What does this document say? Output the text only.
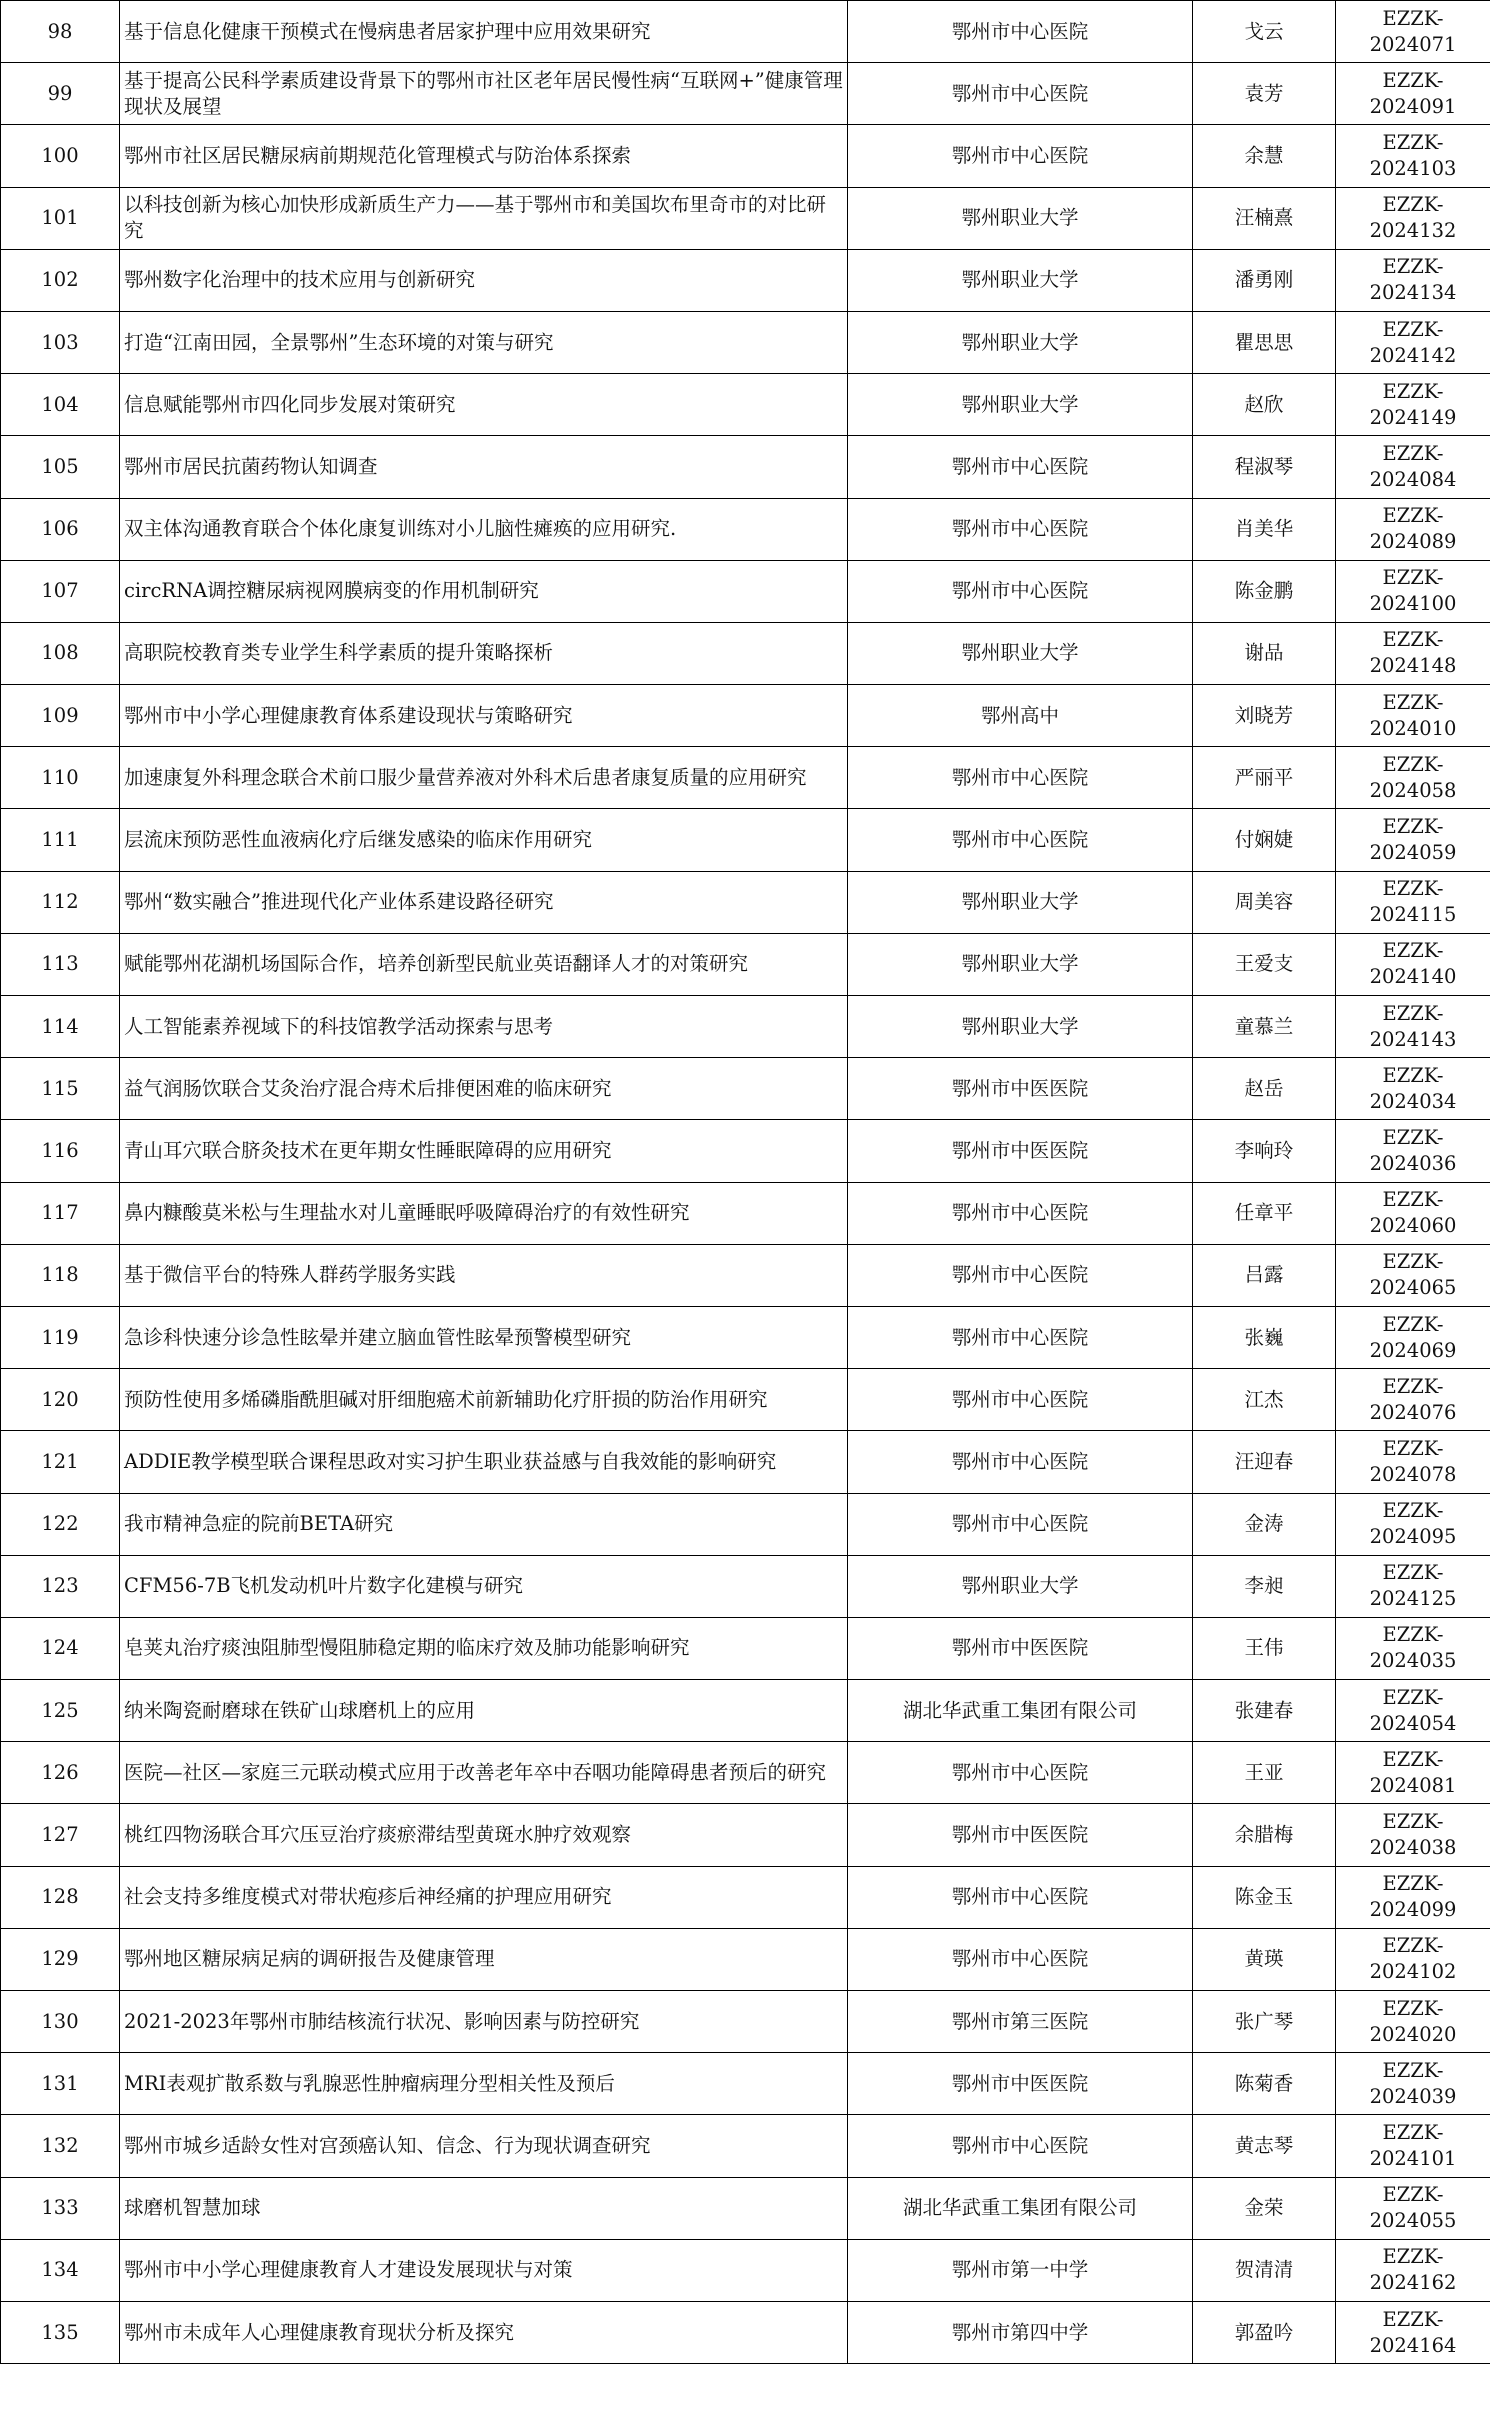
98	基于信息化健康干预模式在慢病患者居家护理中应用效果研究	鄂州市中心医院	戈云	EZZK-2024071
99	基于提高公民科学素质建设背景下的鄂州市社区老年居民慢性病“互联网+”健康管理现状及展望	鄂州市中心医院	袁芳	EZZK-2024091
100	鄂州市社区居民糖尿病前期规范化管理模式与防治体系探索	鄂州市中心医院	余慧	EZZK-2024103
101	以科技创新为核心加快形成新质生产力——基于鄂州市和美国坎布里奇市的对比研究	鄂州职业大学	汪楠熹	EZZK-2024132
102	鄂州数字化治理中的技术应用与创新研究	鄂州职业大学	潘勇刚	EZZK-2024134
103	打造“江南田园，全景鄂州”生态环境的对策与研究	鄂州职业大学	瞿思思	EZZK-2024142
104	信息赋能鄂州市四化同步发展对策研究	鄂州职业大学	赵欣	EZZK-2024149
105	鄂州市居民抗菌药物认知调查	鄂州市中心医院	程淑琴	EZZK-2024084
106	双主体沟通教育联合个体化康复训练对小儿脑性瘫痪的应用研究.	鄂州市中心医院	肖美华	EZZK-2024089
107	circRNA调控糖尿病视网膜病变的作用机制研究	鄂州市中心医院	陈金鹏	EZZK-2024100
108	高职院校教育类专业学生科学素质的提升策略探析	鄂州职业大学	谢品	EZZK-2024148
109	鄂州市中小学心理健康教育体系建设现状与策略研究	鄂州高中	刘晓芳	EZZK-2024010
110	加速康复外科理念联合术前口服少量营养液对外科术后患者康复质量的应用研究	鄂州市中心医院	严丽平	EZZK-2024058
111	层流床预防恶性血液病化疗后继发感染的临床作用研究	鄂州市中心医院	付娴婕	EZZK-2024059
112	鄂州“数实融合”推进现代化产业体系建设路径研究	鄂州职业大学	周美容	EZZK-2024115
113	赋能鄂州花湖机场国际合作，培养创新型民航业英语翻译人才的对策研究	鄂州职业大学	王爱支	EZZK-2024140
114	人工智能素养视域下的科技馆教学活动探索与思考	鄂州职业大学	童慕兰	EZZK-2024143
115	益气润肠饮联合艾灸治疗混合痔术后排便困难的临床研究	鄂州市中医医院	赵岳	EZZK-2024034
116	青山耳穴联合脐灸技术在更年期女性睡眠障碍的应用研究	鄂州市中医医院	李响玲	EZZK-2024036
117	鼻内糠酸莫米松与生理盐水对儿童睡眠呼吸障碍治疗的有效性研究	鄂州市中心医院	任章平	EZZK-2024060
118	基于微信平台的特殊人群药学服务实践	鄂州市中心医院	吕露	EZZK-2024065
119	急诊科快速分诊急性眩晕并建立脑血管性眩晕预警模型研究	鄂州市中心医院	张巍	EZZK-2024069
120	预防性使用多烯磷脂酰胆碱对肝细胞癌术前新辅助化疗肝损的防治作用研究	鄂州市中心医院	江杰	EZZK-2024076
121	ADDIE教学模型联合课程思政对实习护生职业获益感与自我效能的影响研究	鄂州市中心医院	汪迎春	EZZK-2024078
122	我市精神急症的院前BETA研究	鄂州市中心医院	金涛	EZZK-2024095
123	CFM56-7B飞机发动机叶片数字化建模与研究	鄂州职业大学	李昶	EZZK-2024125
124	皂荚丸治疗痰浊阻肺型慢阻肺稳定期的临床疗效及肺功能影响研究	鄂州市中医医院	王伟	EZZK-2024035
125	纳米陶瓷耐磨球在铁矿山球磨机上的应用	湖北华武重工集团有限公司	张建春	EZZK-2024054
126	医院—社区—家庭三元联动模式应用于改善老年卒中吞咽功能障碍患者预后的研究	鄂州市中心医院	王亚	EZZK-2024081
127	桃红四物汤联合耳穴压豆治疗痰瘀滞结型黄斑水肿疗效观察	鄂州市中医医院	余腊梅	EZZK-2024038
128	社会支持多维度模式对带状疱疹后神经痛的护理应用研究	鄂州市中心医院	陈金玉	EZZK-2024099
129	鄂州地区糖尿病足病的调研报告及健康管理	鄂州市中心医院	黄瑛	EZZK-2024102
130	2021-2023年鄂州市肺结核流行状况、影响因素与防控研究	鄂州市第三医院	张广琴	EZZK-2024020
131	MRI表观扩散系数与乳腺恶性肿瘤病理分型相关性及预后	鄂州市中医医院	陈菊香	EZZK-2024039
132	鄂州市城乡适龄女性对宫颈癌认知、信念、行为现状调查研究	鄂州市中心医院	黄志琴	EZZK-2024101
133	球磨机智慧加球	湖北华武重工集团有限公司	金荣	EZZK-2024055
134	鄂州市中小学心理健康教育人才建设发展现状与对策	鄂州市第一中学	贺清清	EZZK-2024162
135	鄂州市未成年人心理健康教育现状分析及探究	鄂州市第四中学	郭盈吟	EZZK-2024164
